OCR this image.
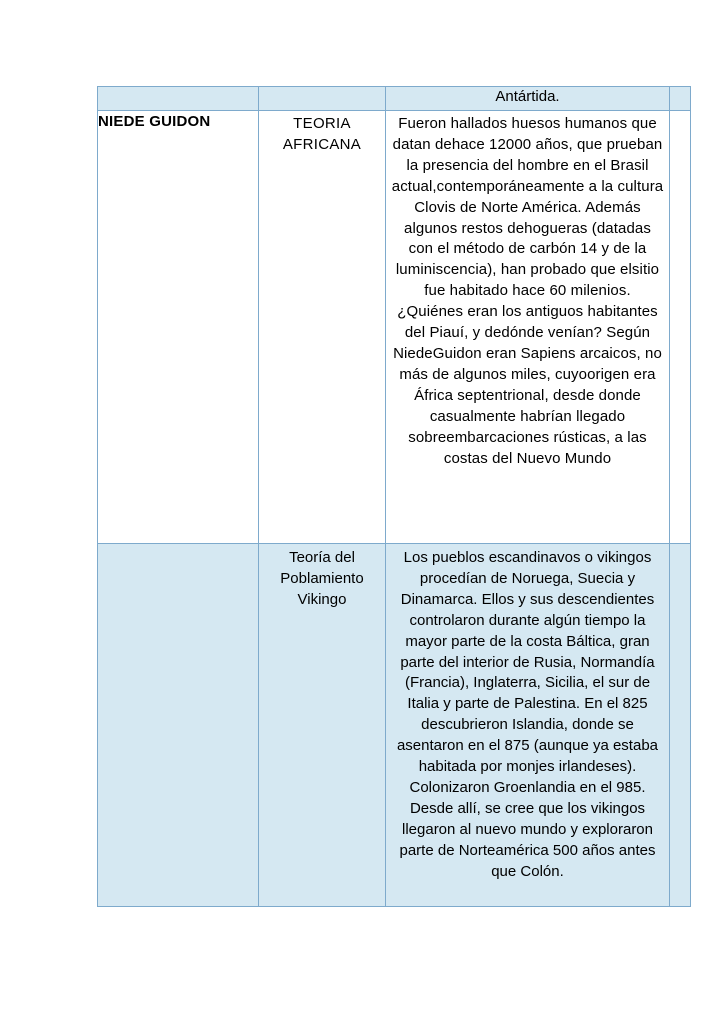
		Antártida.	

NIEDE GUIDON	TEORIA AFRICANA	Fueron hallados huesos humanos que datan dehace 12000 años, que prueban la presencia del hombre en el Brasil actual,contemporáneamente a la cultura Clovis de Norte América. Además algunos restos dehogueras (datadas con el método de carbón 14 y de la luminiscencia), han probado que elsitio fue habitado hace 60 milenios. ¿Quiénes eran los antiguos habitantes del Piauí, y dedónde venían? Según NiedeGuidon eran Sapiens arcaicos, no más de algunos miles, cuyoorigen era África septentrional, desde donde casualmente habrían llegado sobreembarcaciones rústicas, a las costas del Nuevo Mundo	

	Teoría del Poblamiento Vikingo	Los pueblos escandinavos o vikingos procedían de Noruega, Suecia y Dinamarca. Ellos y sus descendientes controlaron durante algún tiempo la mayor parte de la costa Báltica, gran parte del interior de Rusia, Normandía (Francia), Inglaterra, Sicilia, el sur de Italia y parte de Palestina. En el 825 descubrieron Islandia, donde se asentaron en el 875 (aunque ya estaba habitada por monjes irlandeses). Colonizaron Groenlandia en el 985. Desde allí, se cree que los vikingos llegaron al nuevo mundo y exploraron parte de Norteamérica 500 años antes que Colón.	
